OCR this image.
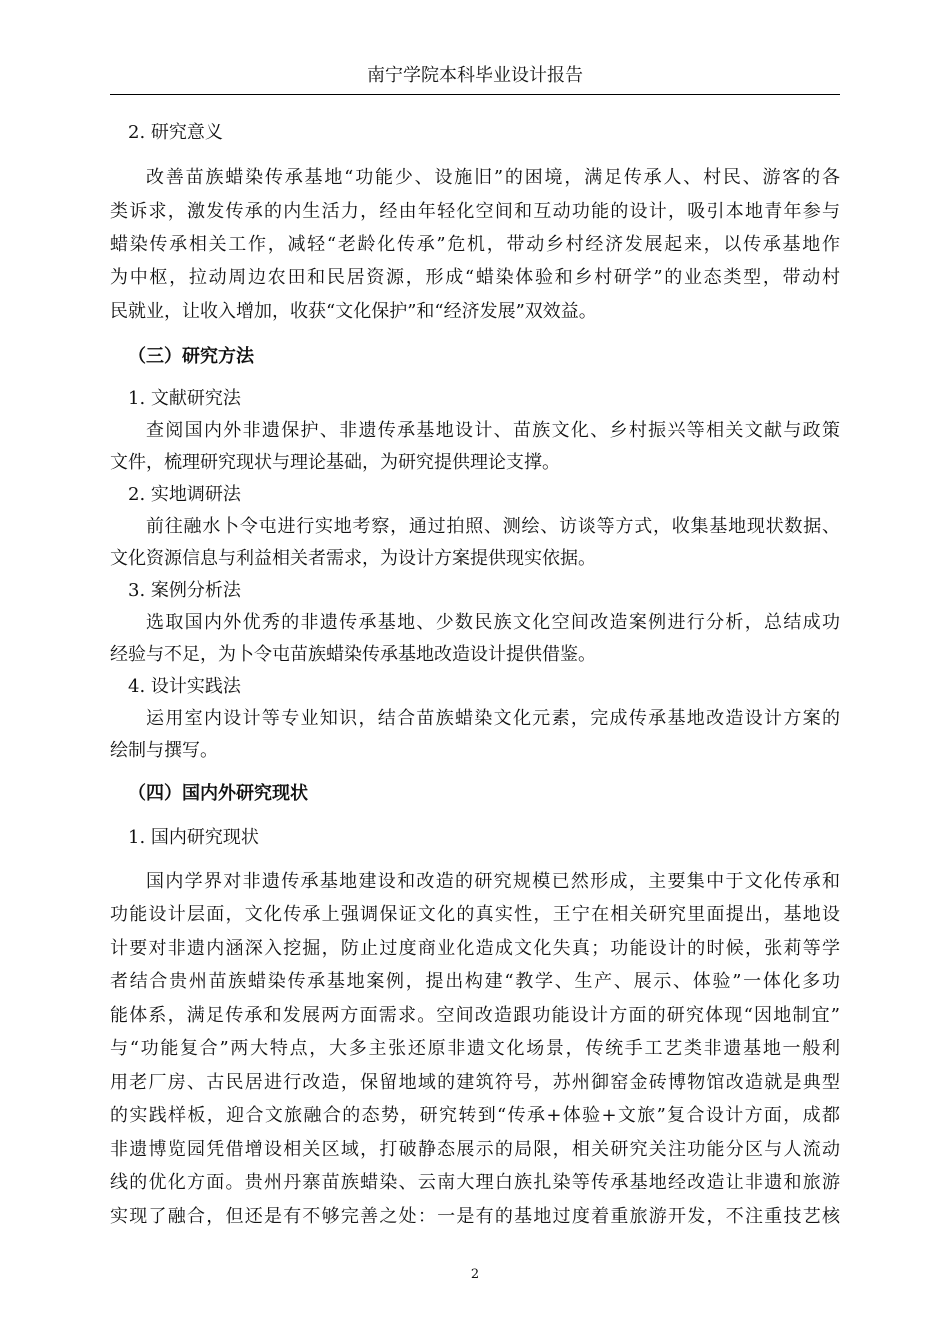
南宁学院本科毕业设计报告
2. 研究意义
改善苗族蜡染传承基地“功能少、设施旧”的困境，满足传承人、村民、游客的各
类诉求，激发传承的内生活力，经由年轻化空间和互动功能的设计，吸引本地青年参与
蜡染传承相关工作，减轻“老龄化传承”危机，带动乡村经济发展起来，以传承基地作
为中枢，拉动周边农田和民居资源，形成“蜡染体验和乡村研学”的业态类型，带动村
民就业，让收入增加，收获“文化保护”和“经济发展”双效益。
（三）研究方法
1. 文献研究法
查阅国内外非遗保护、非遗传承基地设计、苗族文化、乡村振兴等相关文献与政策
文件，梳理研究现状与理论基础，为研究提供理论支撑。
2. 实地调研法
前往融水卜令屯进行实地考察，通过拍照、测绘、访谈等方式，收集基地现状数据、
文化资源信息与利益相关者需求，为设计方案提供现实依据。
3. 案例分析法
选取国内外优秀的非遗传承基地、少数民族文化空间改造案例进行分析，总结成功
经验与不足，为卜令屯苗族蜡染传承基地改造设计提供借鉴。
4. 设计实践法
运用室内设计等专业知识，结合苗族蜡染文化元素，完成传承基地改造设计方案的
绘制与撰写。
（四）国内外研究现状
1. 国内研究现状
国内学界对非遗传承基地建设和改造的研究规模已然形成，主要集中于文化传承和
功能设计层面，文化传承上强调保证文化的真实性，王宁在相关研究里面提出，基地设
计要对非遗内涵深入挖掘，防止过度商业化造成文化失真；功能设计的时候，张莉等学
者结合贵州苗族蜡染传承基地案例，提出构建“教学、生产、展示、体验”一体化多功
能体系，满足传承和发展两方面需求。空间改造跟功能设计方面的研究体现“因地制宜”
与“功能复合”两大特点，大多主张还原非遗文化场景，传统手工艺类非遗基地一般利
用老厂房、古民居进行改造，保留地域的建筑符号，苏州御窑金砖博物馆改造就是典型
的实践样板，迎合文旅融合的态势，研究转到“传承+体验+文旅”复合设计方面，成都
非遗博览园凭借增设相关区域，打破静态展示的局限，相关研究关注功能分区与人流动
线的优化方面。贵州丹寨苗族蜡染、云南大理白族扎染等传承基地经改造让非遗和旅游
实现了融合，但还是有不够完善之处：一是有的基地过度着重旅游开发，不注重技艺核
2
